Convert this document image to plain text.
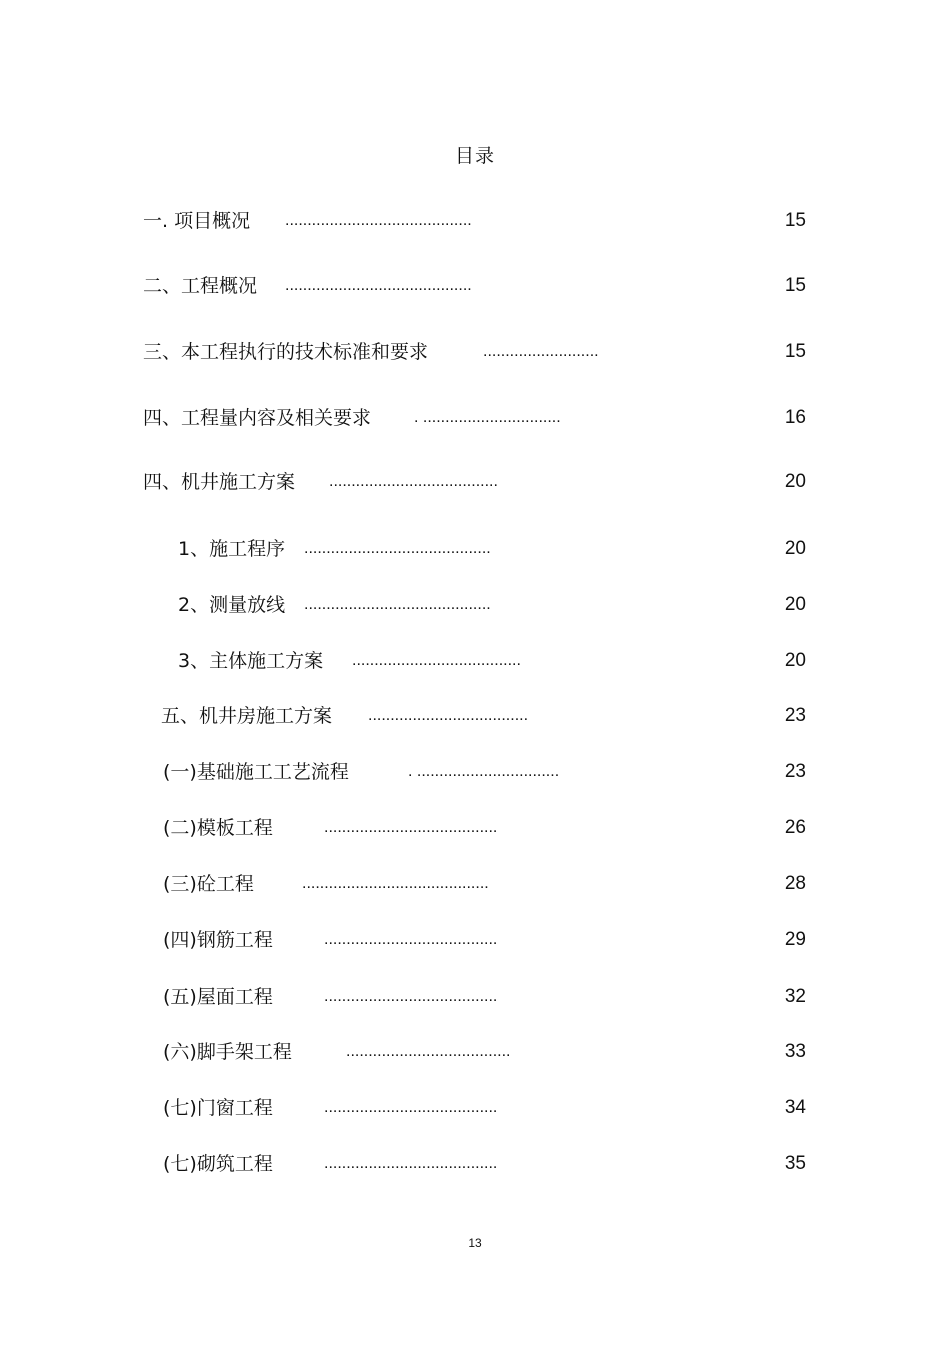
目录
一. 项目概况 ..........................................	15
二、工程概况 ..........................................	15
三、本工程执行的技术标准和要求	..........................	15
四、工程量内容及相关要求	. ...............................	16
四、机井施工方案 ......................................	20
1、施工程序 ..........................................	20
2、测量放线 ..........................................	20
3、主体施工方案 ......................................	20
五、机井房施工方案 ....................................	23
(一)基础施工工艺流程	. ................................	23
(二)模板工程	.......................................	26
(三)砼工程	..........................................	28
(四)钢筋工程	.......................................	29
(五)屋面工程	.......................................	32
(六)脚手架工程	.....................................	33
(七)门窗工程	.......................................	34
(七)砌筑工程	.......................................	35
13
